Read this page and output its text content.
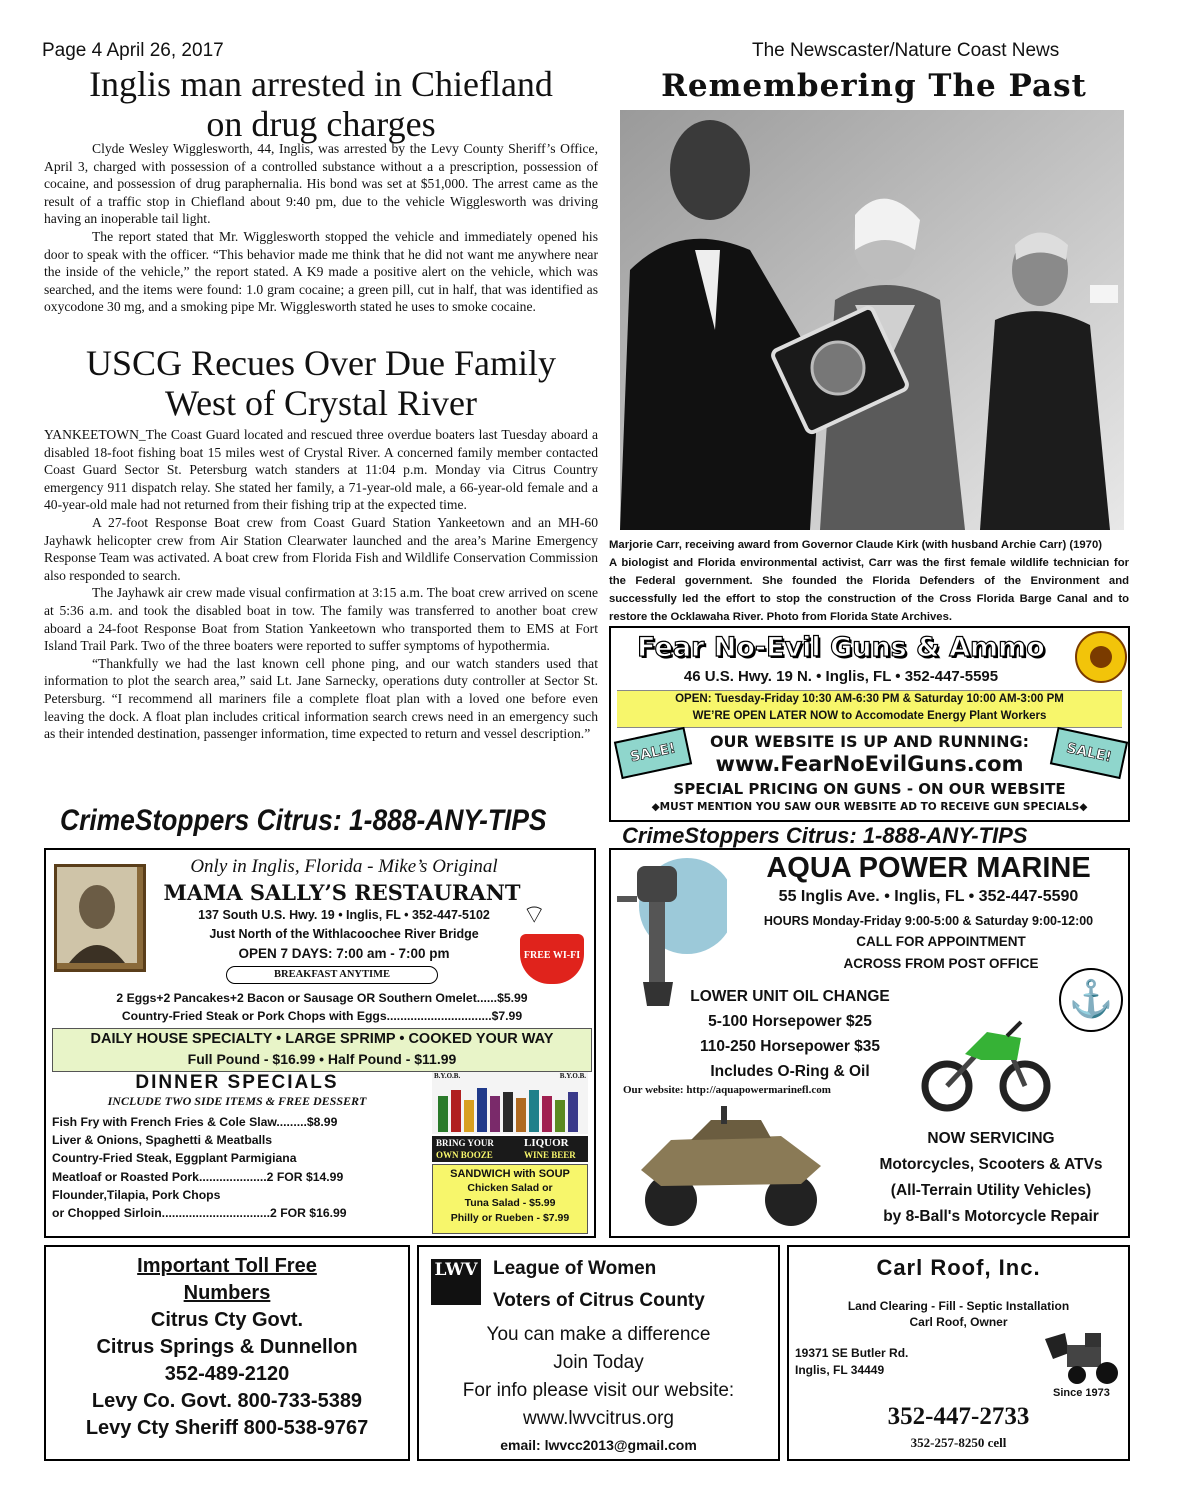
Page 4 April 26, 2017	The Newscaster/Nature Coast News
Inglis man arrested in Chiefland
on drug charges

Clyde Wesley Wigglesworth, 44, Inglis, was arrested by the Levy County Sheriff’s Office, April 3, charged with possession of a controlled substance without a a prescription, possession of cocaine, and possession of drug paraphernalia. His bond was set at $51,000. The arrest came as the result of a traffic stop in Chiefland about 9:40 pm, due to the vehicle Wigglesworth was driving having an inoperable tail light.

The report stated that Mr. Wigglesworth stopped the vehicle and immediately opened his door to speak with the officer. “This behavior made me think that he did not want me anywhere near the inside of the vehicle,” the report stated. A K9 made a positive alert on the vehicle, which was searched, and the items were found: 1.0 gram cocaine; a green pill, cut in half, that was identified as oxycodone 30 mg, and a smoking pipe Mr. Wigglesworth stated he uses to smoke cocaine.

USCG Recues Over Due Family
West of Crystal River

YANKEETOWN_The Coast Guard located and rescued three overdue boaters last Tuesday aboard a disabled 18-foot fishing boat 15 miles west of Crystal River. A concerned family member contacted Coast Guard Sector St. Petersburg watch standers at 11:04 p.m. Monday via Citrus Country emergency 911 dispatch relay. She stated her family, a 71-year-old male, a 66-year-old female and a 40-year-old male had not returned from their fishing trip at the expected time.

A 27-foot Response Boat crew from Coast Guard Station Yankeetown and an MH-60 Jayhawk helicopter crew from Air Station Clearwater launched and the area’s Marine Emergency Response Team was activated. A boat crew from Florida Fish and Wildlife Conservation Commission also responded to search.

The Jayhawk air crew made visual confirmation at 3:15 a.m. The boat crew arrived on scene at 5:36 a.m. and took the disabled boat in tow. The family was transferred to another boat crew aboard a 24-foot Response Boat from Station Yankeetown who transported them to EMS at Fort Island Trail Park. Two of the three boaters were reported to suffer symptoms of hypothermia.

“Thankfully we had the last known cell phone ping, and our watch standers used that information to plot the search area,” said Lt. Jane Sarnecky, operations duty controller at Sector St. Petersburg. “I recommend all mariners file a complete float plan with a loved one before even leaving the dock. A float plan includes critical information search crews need in an emergency such as their intended destination, passenger information, time expected to return and vessel description.”

CrimeStoppers Citrus: 1-888-ANY-TIPS
Remembering The Past
Marjorie Carr, receiving award from Governor Claude Kirk (with husband Archie Carr) (1970)
A biologist and Florida environmental activist, Carr was the first female wildlife technician for the Federal government. She founded the Florida Defenders of the Environment and successfully led the effort to stop the construction of the Cross Florida Barge Canal and to restore the Ocklawaha River. Photo from Florida State Archives.
Fear No-Evil Guns & Ammo
46 U.S. Hwy. 19 N. • Inglis, FL • 352-447-5595
OPEN: Tuesday-Friday 10:30 AM-6:30 PM & Saturday 10:00 AM-3:00 PM
WE’RE OPEN LATER NOW to Accomodate Energy Plant Workers
SALE!	SALE!
OUR WEBSITE IS UP AND RUNNING:
www.FearNoEvilGuns.com
SPECIAL PRICING ON GUNS - ON OUR WEBSITE
◆MUST MENTION YOU SAW OUR WEBSITE AD TO RECEIVE GUN SPECIALS◆
CrimeStoppers Citrus: 1-888-ANY-TIPS
Only in Inglis, Florida - Mike’s Original
MAMA SALLY’S RESTAURANT
137 South U.S. Hwy. 19 • Inglis, FL • 352-447-5102
Just North of the Withlacoochee River Bridge
OPEN 7 DAYS: 7:00 am - 7:00 pm
BREAKFAST ANYTIME
⌔
FREE WI-FI
2 Eggs+2 Pancakes+2 Bacon or Sausage OR Southern Omelet......$5.99
Country-Fried Steak or Pork Chops with Eggs...............................$7.99
DAILY HOUSE SPECIALTY • LARGE SPRIMP • COOKED YOUR WAY
Full Pound - $16.99 • Half Pound - $11.99
DINNER SPECIALS
INCLUDE TWO SIDE ITEMS & FREE DESSERT
Fish Fry with French Fries & Cole Slaw.........$8.99
Liver & Onions, Spaghetti & Meatballs
Country-Fried Steak, Eggplant Parmigiana
Meatloaf or Roasted Pork....................2 FOR $14.99
Flounder,Tilapia, Pork Chops
or Chopped Sirloin................................2 FOR $16.99
B.Y.O.B.	B.Y.O.B.
BRING YOUR
OWN BOOZE
LIQUOR
WINE BEER
SANDWICH with SOUP
Chicken Salad or
Tuna Salad - $5.99
Philly or Rueben - $7.99
AQUA POWER MARINE
55 Inglis Ave. • Inglis, FL • 352-447-5590
HOURS Monday-Friday 9:00-5:00 & Saturday 9:00-12:00
CALL FOR APPOINTMENT
ACROSS FROM POST OFFICE
⚓
LOWER UNIT OIL CHANGE
5-100 Horsepower $25
110-250 Horsepower $35
Includes O-Ring & Oil
Our website: http://aquapowermarinefl.com
NOW SERVICING
Motorcycles, Scooters & ATVs
(All-Terrain Utility Vehicles)
by 8-Ball's Motorcycle Repair
Important Toll Free
Numbers
Citrus Cty Govt.
Citrus Springs & Dunnellon
352-489-2120
Levy Co. Govt. 800-733-5389
Levy Cty Sheriff 800-538-9767
LWV League of Women
Voters of Citrus County
You can make a difference
Join Today
For info please visit our website:
www.lwvcitrus.org
email: lwvcc2013@gmail.com
Carl Roof, Inc.
Land Clearing - Fill - Septic Installation
Carl Roof, Owner
19371 SE Butler Rd.
Inglis, FL 34449
Since 1973
352-447-2733
352-257-8250 cell
